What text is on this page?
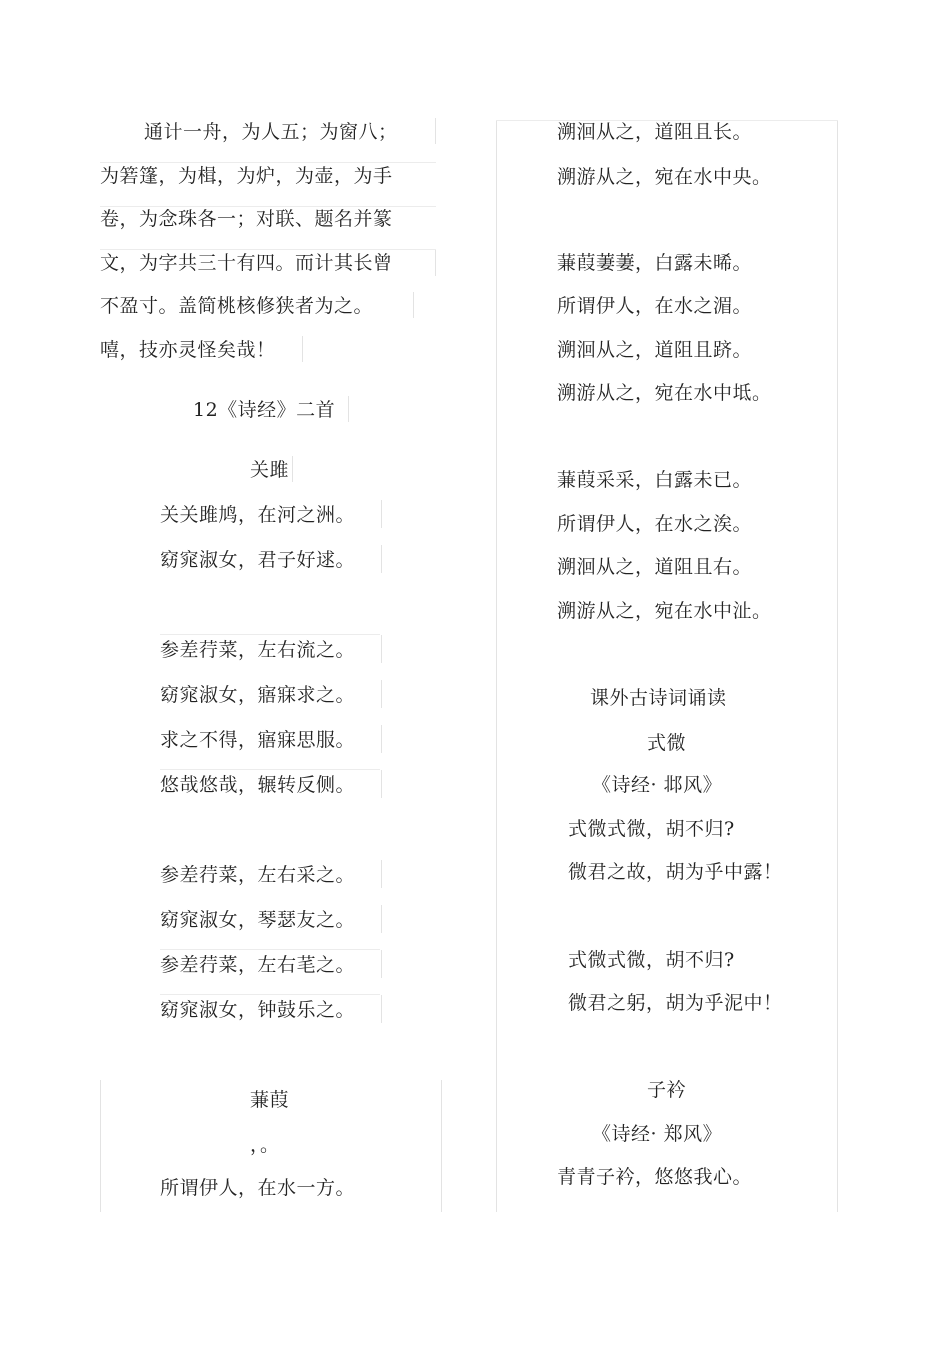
通计一舟，为人五；为窗八；
为箬篷，为楫，为炉，为壶，为手
卷，为念珠各一；对联、题名并篆
文，为字共三十有四。而计其长曾
不盈寸。盖简桃核修狭者为之。
嘻，技亦灵怪矣哉！
12《诗经》二首
关雎
关关雎鸠，在河之洲。
窈窕淑女，君子好逑。
参差荇菜，左右流之。
窈窕淑女，寤寐求之。
求之不得，寤寐思服。
悠哉悠哉，辗转反侧。
参差荇菜，左右采之。
窈窕淑女，琴瑟友之。
参差荇菜，左右芼之。
窈窕淑女，钟鼓乐之。
蒹葭
，。
所谓伊人，在水一方。
溯洄从之，道阻且长。
溯游从之，宛在水中央。
蒹葭萋萋，白露未晞。
所谓伊人，在水之湄。
溯洄从之，道阻且跻。
溯游从之，宛在水中坻。
蒹葭采采，白露未已。
所谓伊人，在水之涘。
溯洄从之，道阻且右。
溯游从之，宛在水中沚。
课外古诗词诵读
式微
《诗经· 邶风》
式微式微，胡不归?
微君之故，胡为乎中露！
式微式微，胡不归?
微君之躬，胡为乎泥中！
子衿
《诗经· 郑风》
青青子衿，悠悠我心。
